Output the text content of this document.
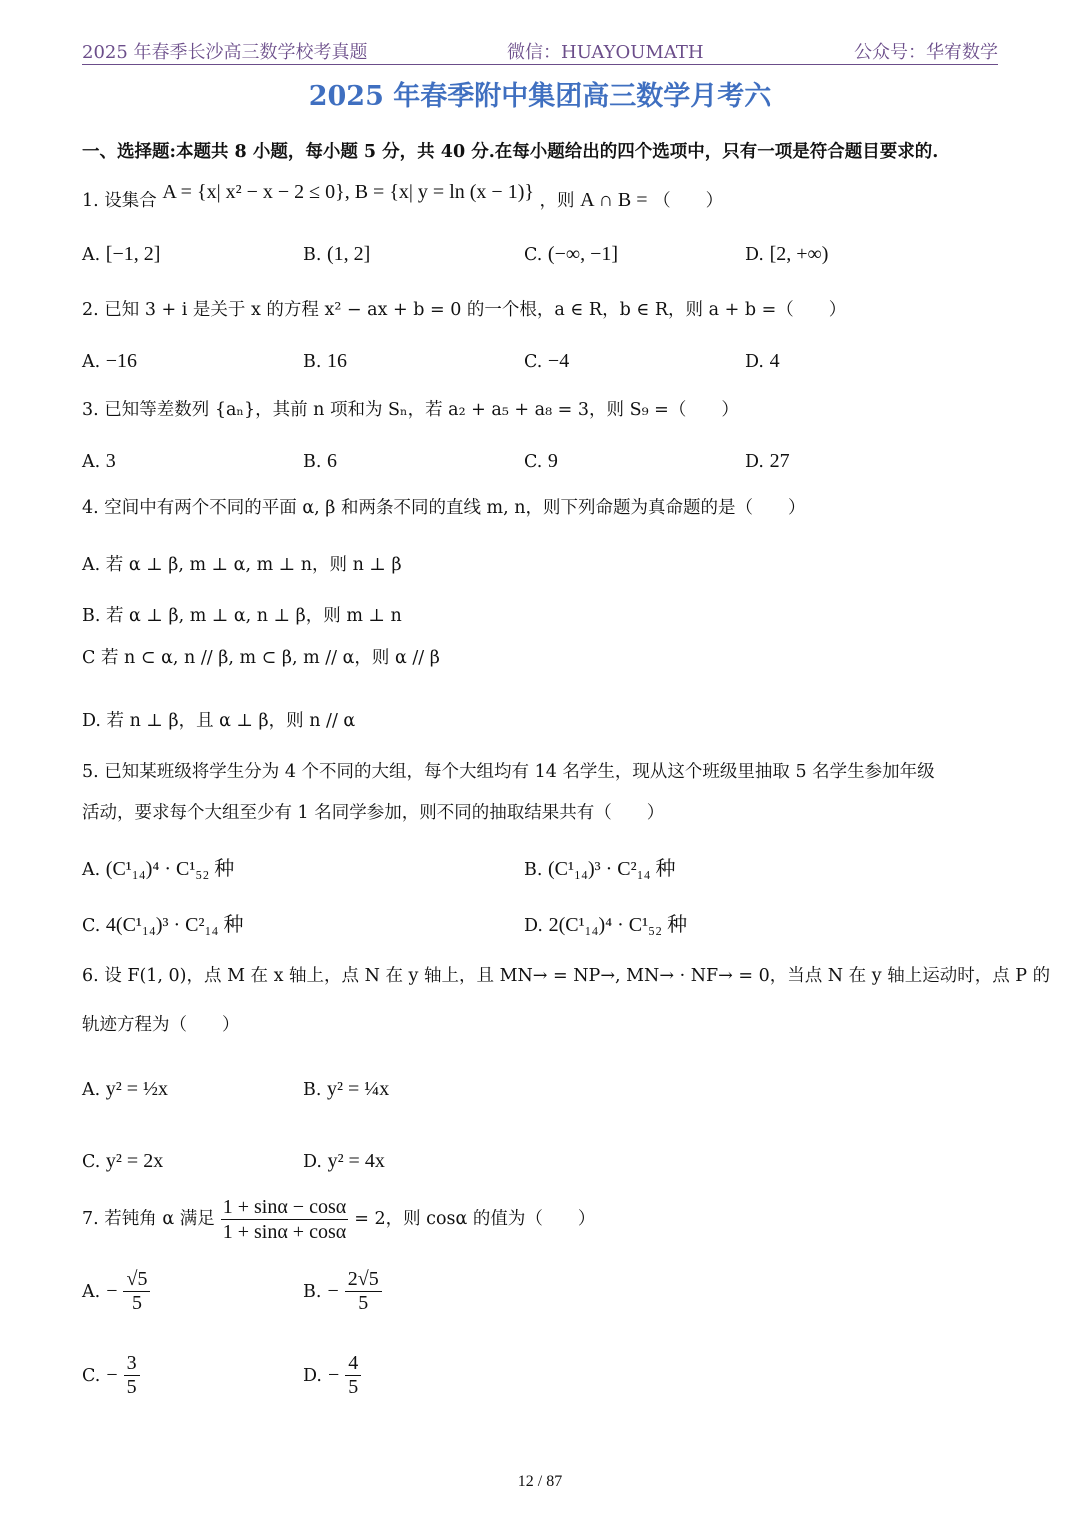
2025 年春季长沙高三数学校考真题	微信：HUAYOUMATH	公众号：华宥数学
2025 年春季附中集团高三数学月考六
一、选择题:本题共 8 小题，每小题 5 分，共 40 分.在每小题给出的四个选项中，只有一项是符合题目要求的.
1. 设集合 A = {x| x² − x − 2 ≤ 0}, B = {x| y = ln (x − 1)} ，则 A ∩ B = （　　）
A. [−1, 2]	B. (1, 2]	C. (−∞, −1]	D. [2, +∞)
2. 已知 3 + i 是关于 x 的方程 x² − ax + b = 0 的一个根，a ∈ R，b ∈ R，则 a + b =（　　）
A. −16	B. 16	C. −4	D. 4
3. 已知等差数列 {aₙ}，其前 n 项和为 Sₙ，若 a₂ + a₅ + a₈ = 3，则 S₉ =（　　）
A. 3	B. 6	C. 9	D. 27
4. 空间中有两个不同的平面 α, β 和两条不同的直线 m, n，则下列命题为真命题的是（　　）
A. 若 α ⊥ β, m ⊥ α, m ⊥ n，则 n ⊥ β
B. 若 α ⊥ β, m ⊥ α, n ⊥ β，则 m ⊥ n
C 若 n ⊂ α, n // β, m ⊂ β, m // α，则 α // β
D. 若 n ⊥ β，且 α ⊥ β，则 n // α
5. 已知某班级将学生分为 4 个不同的大组，每个大组均有 14 名学生，现从这个班级里抽取 5 名学生参加年级
活动，要求每个大组至少有 1 名同学参加，则不同的抽取结果共有（　　）
A. (C¹₁₄)⁴ · C¹₅₂ 种	B. (C¹₁₄)³ · C²₁₄ 种
C. 4(C¹₁₄)³ · C²₁₄ 种	D. 2(C¹₁₄)⁴ · C¹₅₂ 种
6. 设 F(1, 0)，点 M 在 x 轴上，点 N 在 y 轴上，且 MN→ = NP→, MN→ · NF→ = 0，当点 N 在 y 轴上运动时，点 P 的
轨迹方程为（　　）
A. y² = ½x	B. y² = ¼x
C. y² = 2x	D. y² = 4x
7. 若钝角 α 满足 $\frac{1 + \sin\alpha - \cos\alpha}{1 + \sin\alpha + \cos\alpha} = 2$，则 cosα 的值为（　　）
A. − $\frac{√5}{5}$	B. − $\frac{2√5}{5}$
C. − $\frac{3}{5}$	D. − $\frac{4}{5}$
12 / 87
